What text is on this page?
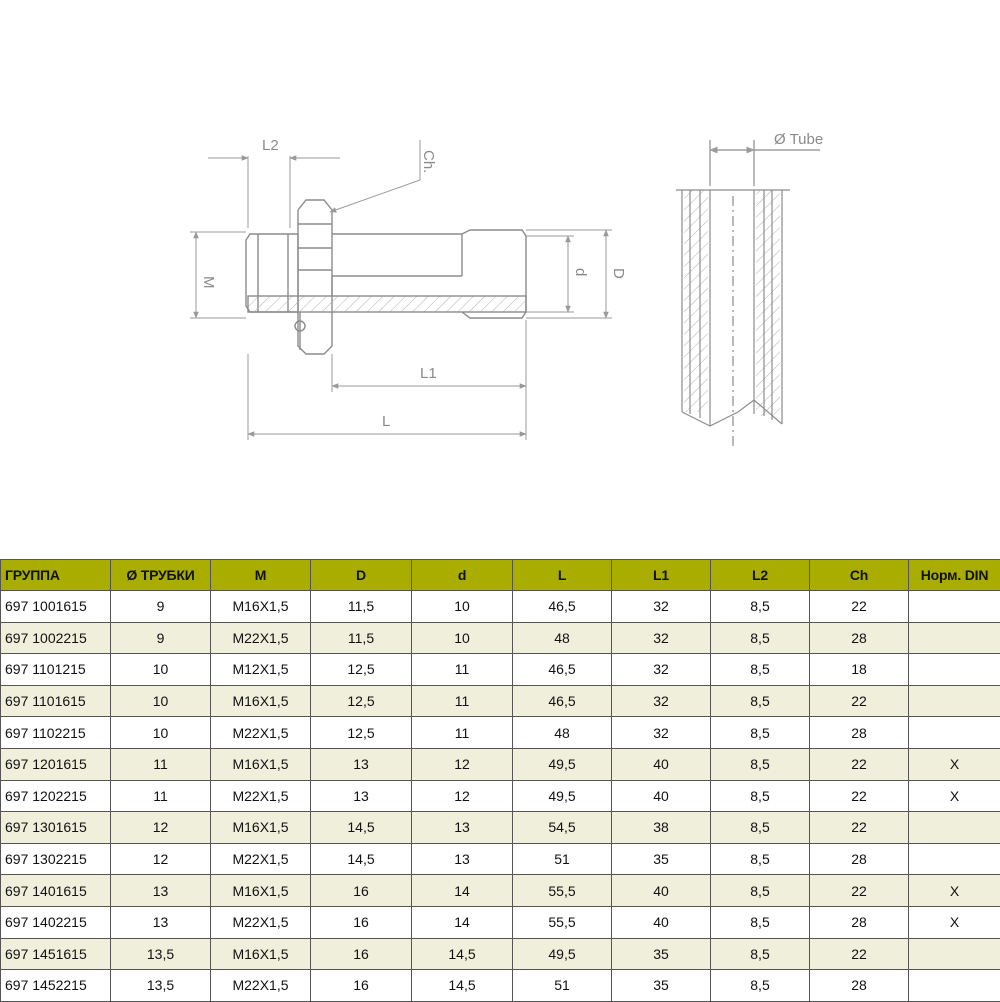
L2
Ch.
M
d D
L1
L
Ø Tube
ГРУППА	Ø ТРУБКИ	M	D	d	L	L1	L2	Ch	Норм. DIN
697 1001615	9	M16X1,5	11,5	10	46,5	32	8,5	22	
697 1002215	9	M22X1,5	11,5	10	48	32	8,5	28	
697 1101215	10	M12X1,5	12,5	11	46,5	32	8,5	18	
697 1101615	10	M16X1,5	12,5	11	46,5	32	8,5	22	
697 1102215	10	M22X1,5	12,5	11	48	32	8,5	28	
697 1201615	11	M16X1,5	13	12	49,5	40	8,5	22	X
697 1202215	11	M22X1,5	13	12	49,5	40	8,5	22	X
697 1301615	12	M16X1,5	14,5	13	54,5	38	8,5	22	
697 1302215	12	M22X1,5	14,5	13	51	35	8,5	28	
697 1401615	13	M16X1,5	16	14	55,5	40	8,5	22	X
697 1402215	13	M22X1,5	16	14	55,5	40	8,5	28	X
697 1451615	13,5	M16X1,5	16	14,5	49,5	35	8,5	22	
697 1452215	13,5	M22X1,5	16	14,5	51	35	8,5	28	
